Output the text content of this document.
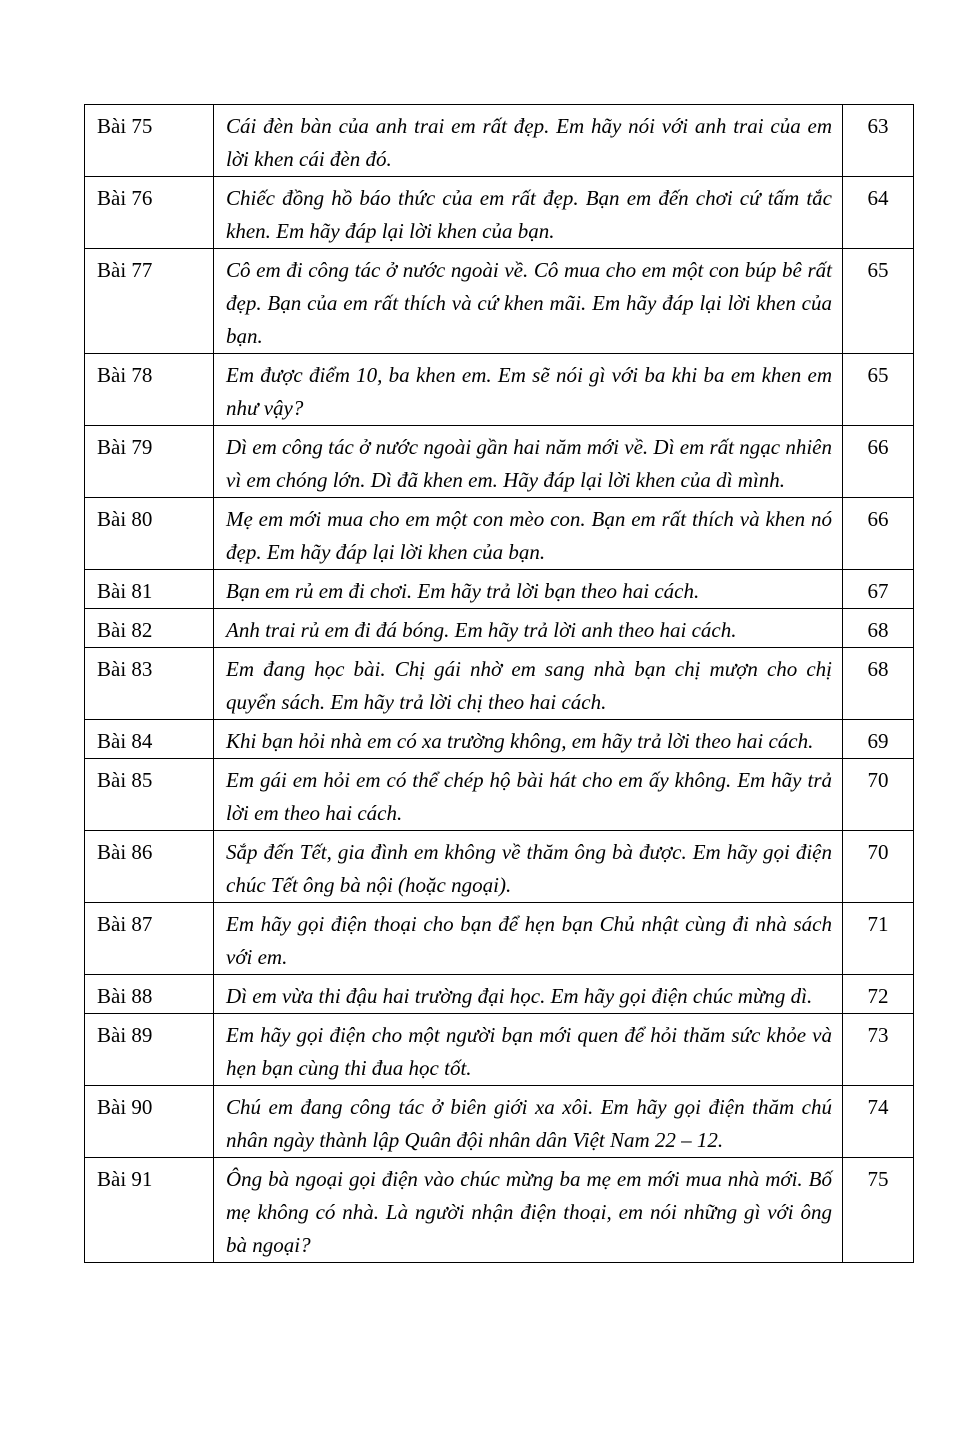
Bài 75	Cái đèn bàn của anh trai em rất đẹp. Em hãy nói với anh trai của em lời khen cái đèn đó.	63
Bài 76	Chiếc đồng hồ báo thức của em rất đẹp. Bạn em đến chơi cứ tấm tắc khen. Em hãy đáp lại lời khen của bạn.	64
Bài 77	Cô em đi công tác ở nước ngoài về. Cô mua cho em một con búp bê rất đẹp. Bạn của em rất thích và cứ khen mãi. Em hãy đáp lại lời khen của bạn.	65
Bài 78	Em được điểm 10, ba khen em. Em sẽ nói gì với ba khi ba em khen em như vậy?	65
Bài 79	Dì em công tác ở nước ngoài gần hai năm mới về. Dì em rất ngạc nhiên vì em chóng lớn. Dì đã khen em. Hãy đáp lại lời khen của dì mình.	66
Bài 80	Mẹ em mới mua cho em một con mèo con. Bạn em rất thích và khen nó đẹp. Em hãy đáp lại lời khen của bạn.	66
Bài 81	Bạn em rủ em đi chơi. Em hãy trả lời bạn theo hai cách.	67
Bài 82	Anh trai rủ em đi đá bóng. Em hãy trả lời anh theo hai cách.	68
Bài 83	Em đang học bài. Chị gái nhờ em sang nhà bạn chị mượn cho chị quyển sách. Em hãy trả lời chị theo hai cách.	68
Bài 84	Khi bạn hỏi nhà em có xa trường không, em hãy trả lời theo hai cách.	69
Bài 85	Em gái em hỏi em có thể chép hộ bài hát cho em ấy không. Em hãy trả lời em theo hai cách.	70
Bài 86	Sắp đến Tết, gia đình em không về thăm ông bà được. Em hãy gọi điện chúc Tết ông bà nội (hoặc ngoại).	70
Bài 87	Em hãy gọi điện thoại cho bạn để hẹn bạn Chủ nhật cùng đi nhà sách với em.	71
Bài 88	Dì em vừa thi đậu hai trường đại học. Em hãy gọi điện chúc mừng dì.	72
Bài 89	Em hãy gọi điện cho một người bạn mới quen để hỏi thăm sức khỏe và hẹn bạn cùng thi đua học tốt.	73
Bài 90	Chú em đang công tác ở biên giới xa xôi. Em hãy gọi điện thăm chú nhân ngày thành lập Quân đội nhân dân Việt Nam 22 – 12.	74
Bài 91	Ông bà ngoại gọi điện vào chúc mừng ba mẹ em mới mua nhà mới. Bố mẹ không có nhà. Là người nhận điện thoại, em nói những gì với ông bà ngoại?	75
